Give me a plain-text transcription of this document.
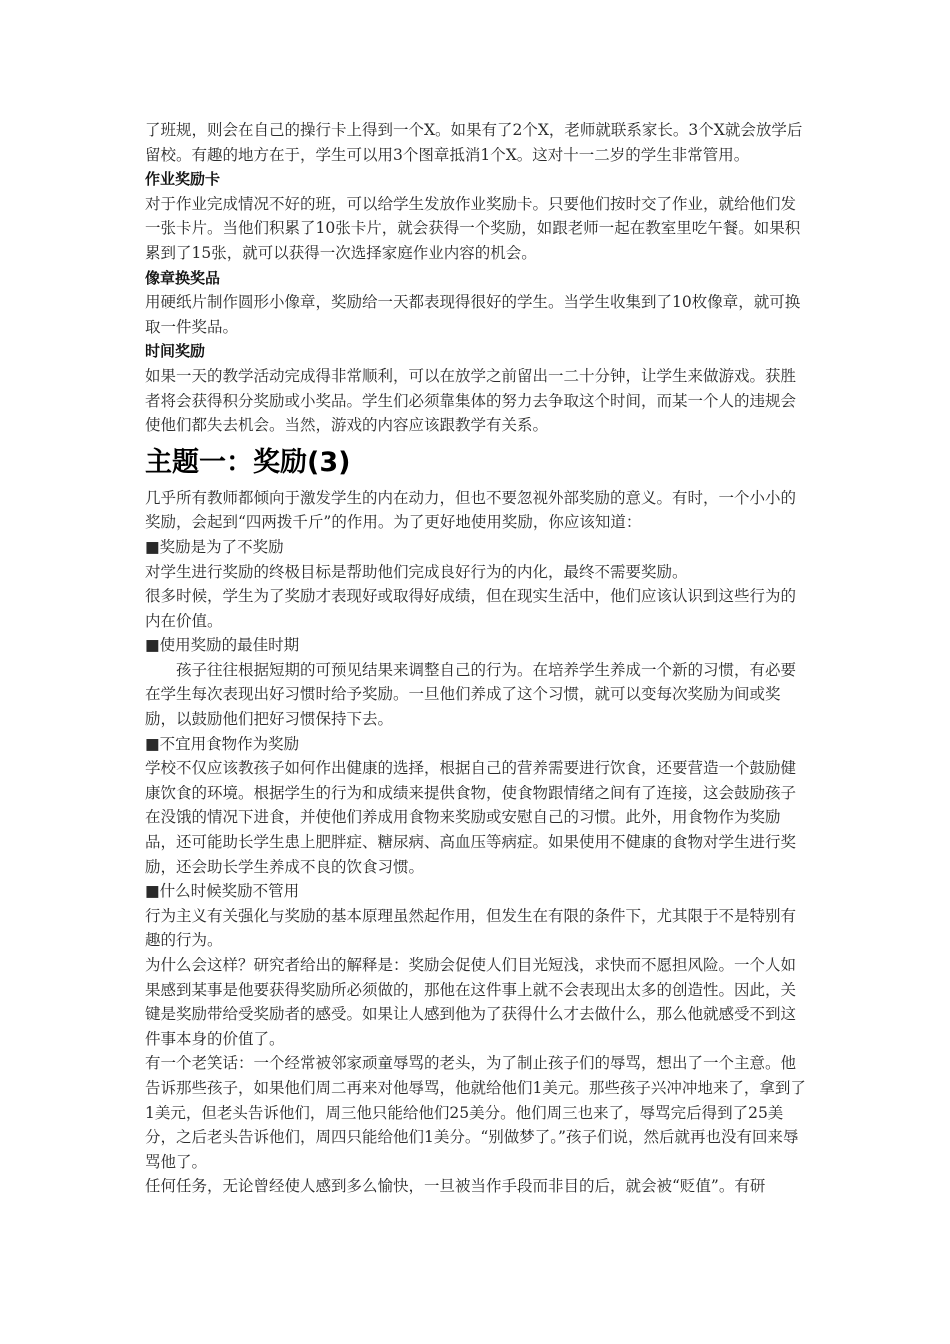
了班规，则会在自己的操行卡上得到一个X。如果有了2个X，老师就联系家长。3个X就会放学后留校。有趣的地方在于，学生可以用3个图章抵消1个X。这对十一二岁的学生非常管用。

作业奖励卡

对于作业完成情况不好的班，可以给学生发放作业奖励卡。只要他们按时交了作业，就给他们发一张卡片。当他们积累了10张卡片，就会获得一个奖励，如跟老师一起在教室里吃午餐。如果积累到了15张，就可以获得一次选择家庭作业内容的机会。

像章换奖品

用硬纸片制作圆形小像章，奖励给一天都表现得很好的学生。当学生收集到了10枚像章，就可换取一件奖品。

时间奖励

如果一天的教学活动完成得非常顺利，可以在放学之前留出一二十分钟，让学生来做游戏。获胜者将会获得积分奖励或小奖品。学生们必须靠集体的努力去争取这个时间，而某一个人的违规会使他们都失去机会。当然，游戏的内容应该跟教学有关系。

主题一：奖励(3)

几乎所有教师都倾向于激发学生的内在动力，但也不要忽视外部奖励的意义。有时，一个小小的奖励，会起到“四两拨千斤”的作用。为了更好地使用奖励，你应该知道：

■奖励是为了不奖励

对学生进行奖励的终极目标是帮助他们完成良好行为的内化，最终不需要奖励。

很多时候，学生为了奖励才表现好或取得好成绩，但在现实生活中，他们应该认识到这些行为的内在价值。

■使用奖励的最佳时期

孩子往往根据短期的可预见结果来调整自己的行为。在培养学生养成一个新的习惯，有必要在学生每次表现出好习惯时给予奖励。一旦他们养成了这个习惯，就可以变每次奖励为间或奖励，以鼓励他们把好习惯保持下去。

■不宜用食物作为奖励

学校不仅应该教孩子如何作出健康的选择，根据自己的营养需要进行饮食，还要营造一个鼓励健康饮食的环境。根据学生的行为和成绩来提供食物，使食物跟情绪之间有了连接，这会鼓励孩子在没饿的情况下进食，并使他们养成用食物来奖励或安慰自己的习惯。此外，用食物作为奖励品，还可能助长学生患上肥胖症、糖尿病、高血压等病症。如果使用不健康的食物对学生进行奖励，还会助长学生养成不良的饮食习惯。

■什么时候奖励不管用

行为主义有关强化与奖励的基本原理虽然起作用，但发生在有限的条件下，尤其限于不是特别有趣的行为。

为什么会这样？研究者给出的解释是：奖励会促使人们目光短浅，求快而不愿担风险。一个人如果感到某事是他要获得奖励所必须做的，那他在这件事上就不会表现出太多的创造性。因此，关键是奖励带给受奖励者的感受。如果让人感到他为了获得什么才去做什么，那么他就感受不到这件事本身的价值了。

有一个老笑话：一个经常被邻家顽童辱骂的老头，为了制止孩子们的辱骂，想出了一个主意。他告诉那些孩子，如果他们周二再来对他辱骂，他就给他们1美元。那些孩子兴冲冲地来了，拿到了1美元，但老头告诉他们，周三他只能给他们25美分。他们周三也来了，辱骂完后得到了25美分，之后老头告诉他们，周四只能给他们1美分。“别做梦了。”孩子们说，然后就再也没有回来辱骂他了。

任何任务，无论曾经使人感到多么愉快，一旦被当作手段而非目的后，就会被“贬值”。有研
